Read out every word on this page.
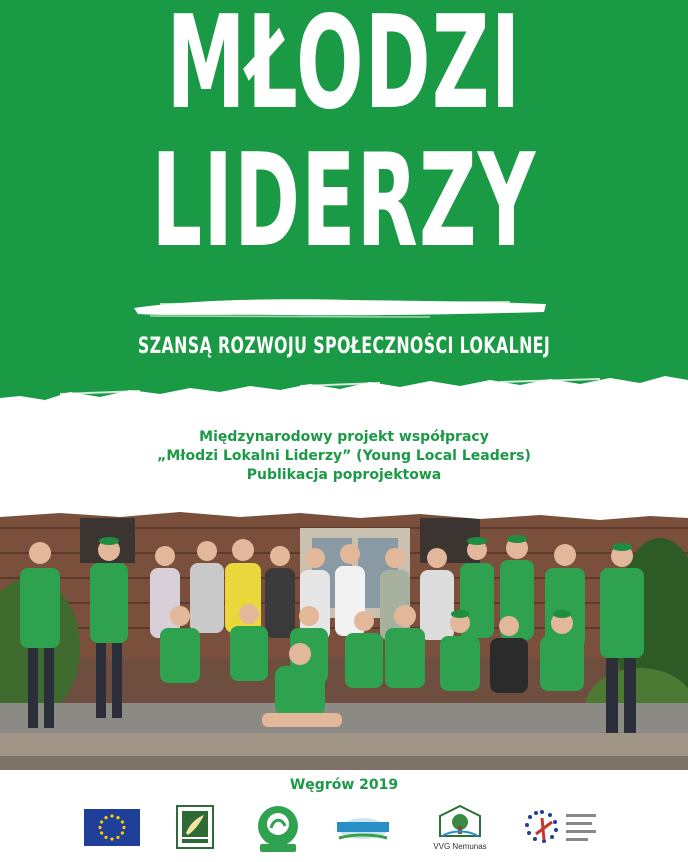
MŁODZI
LIDERZY
SZANSĄ ROZWOJU SPOŁECZNOŚCI LOKALNEJ
Międzynarodowy projekt współpracy
„Młodzi Lokalni Liderzy” (Young Local Leaders)
Publikacja poprojektowa
Węgrów 2019
VVG Nemunas
